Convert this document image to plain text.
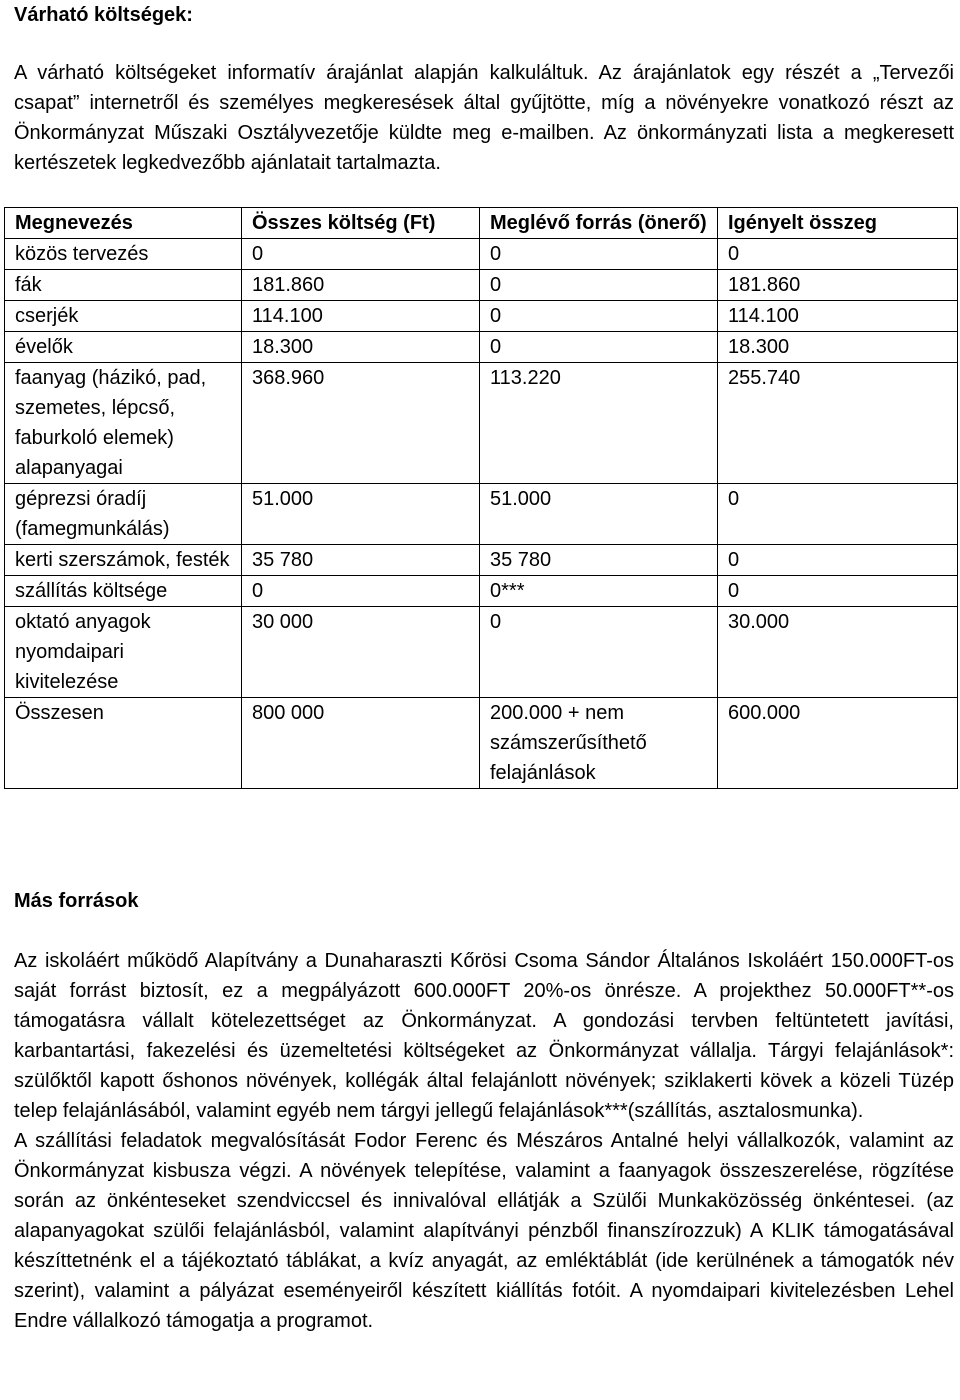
Várható költségek:

A várható költségeket informatív árajánlat alapján kalkuláltuk. Az árajánlatok egy részét a „Tervezői csapat” internetről és személyes megkeresések által gyűjtötte, míg a növényekre vonatkozó részt az Önkormányzat Műszaki Osztályvezetője küldte meg e-mailben. Az önkormányzati lista a megkeresett kertészetek legkedvezőbb ajánlatait tartalmazta.

Megnevezés	Összes költség (Ft)	Meglévő forrás (önerő)	Igényelt összeg
közös tervezés	0	0	0
fák	181.860	0	181.860
cserjék	114.100	0	114.100
évelők	18.300	0	18.300
faanyag (házikó, pad, szemetes, lépcső, faburkoló elemek) alapanyagai	368.960	113.220	255.740
géprezsi óradíj (famegmunkálás)	51.000	51.000	0
kerti szerszámok, festék	35 780	35 780	0
szállítás költsége	0	0***	0
oktató anyagok nyomdaipari kivitelezése	30 000	0	30.000
Összesen	800 000	200.000 + nem számszerűsíthető felajánlások	600.000
Más források

Az iskoláért működő Alapítvány a Dunaharaszti Kőrösi Csoma Sándor Általános Iskoláért 150.000FT-os saját forrást biztosít, ez a megpályázott 600.000FT 20%-os önrésze. A projekthez 50.000FT**-os támogatásra vállalt kötelezettséget az Önkormányzat. A gondozási tervben feltüntetett javítási, karbantartási, fakezelési és üzemeltetési költségeket az Önkormányzat vállalja. Tárgyi felajánlások*: szülőktől kapott őshonos növények, kollégák által felajánlott növények; sziklakerti kövek a közeli Tüzép telep felajánlásából, valamint egyéb nem tárgyi jellegű felajánlások***(szállítás, asztalosmunka).

A szállítási feladatok megvalósítását Fodor Ferenc és Mészáros Antalné helyi vállalkozók, valamint az Önkormányzat kisbusza végzi. A növények telepítése, valamint a faanyagok összeszerelése, rögzítése során az önkénteseket szendviccsel és innivalóval ellátják a Szülői Munkaközösség önkéntesei. (az alapanyagokat szülői felajánlásból, valamint alapítványi pénzből finanszírozzuk) A KLIK támogatásával készíttetnénk el a tájékoztató táblákat, a kvíz anyagát, az emléktáblát (ide kerülnének a támogatók név szerint), valamint a pályázat eseményeiről készített kiállítás fotóit. A nyomdaipari kivitelezésben Lehel Endre vállalkozó támogatja a programot.
